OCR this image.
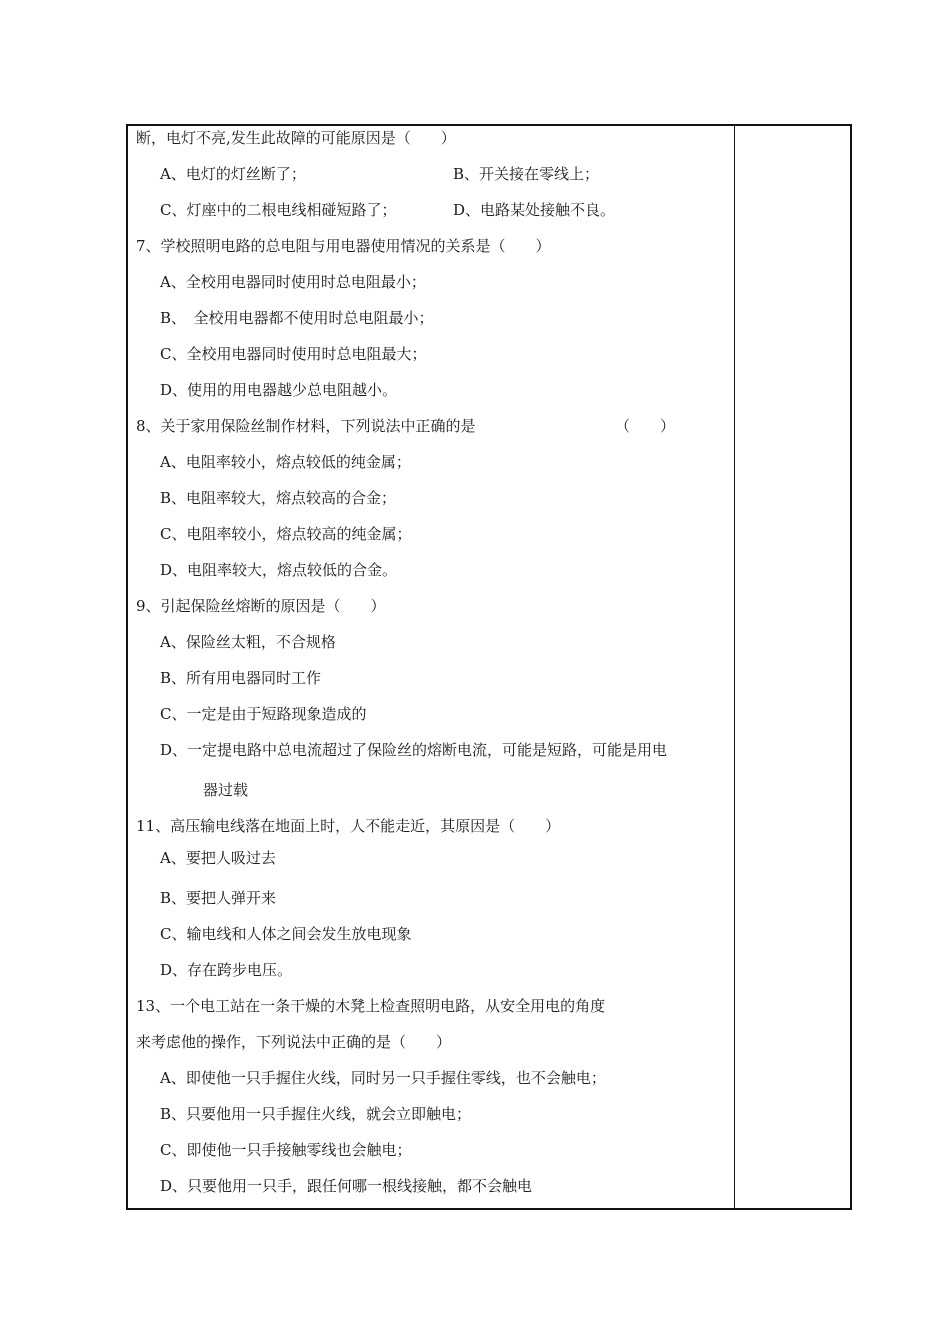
断，电灯不亮,发生此故障的可能原因是（　　）
A、电灯的灯丝断了；	B、开关接在零线上；
C、灯座中的二根电线相碰短路了；	D、电路某处接触不良。
7、学校照明电路的总电阻与用电器使用情况的关系是（　　）
A、全校用电器同时使用时总电阻最小；
B、　全校用电器都不使用时总电阻最小；
C、全校用电器同时使用时总电阻最大；
D、使用的用电器越少总电阻越小。
8、关于家用保险丝制作材料，下列说法中正确的是	（　　）
A、电阻率较小，熔点较低的纯金属；
B、电阻率较大，熔点较高的合金；
C、电阻率较小，熔点较高的纯金属；
D、电阻率较大，熔点较低的合金。
9、引起保险丝熔断的原因是（　　）
A、保险丝太粗，不合规格
B、所有用电器同时工作
C、一定是由于短路现象造成的
D、一定提电路中总电流超过了保险丝的熔断电流，可能是短路，可能是用电
器过载
11、高压输电线落在地面上时，人不能走近，其原因是（　　）
A、要把人吸过去
B、要把人弹开来
C、输电线和人体之间会发生放电现象
D、存在跨步电压。
13、一个电工站在一条干燥的木凳上检查照明电路，从安全用电的角度
来考虑他的操作，下列说法中正确的是（　　）
A、即使他一只手握住火线，同时另一只手握住零线，也不会触电；
B、只要他用一只手握住火线，就会立即触电；
C、即使他一只手接触零线也会触电；
D、只要他用一只手，跟任何哪一根线接触，都不会触电
